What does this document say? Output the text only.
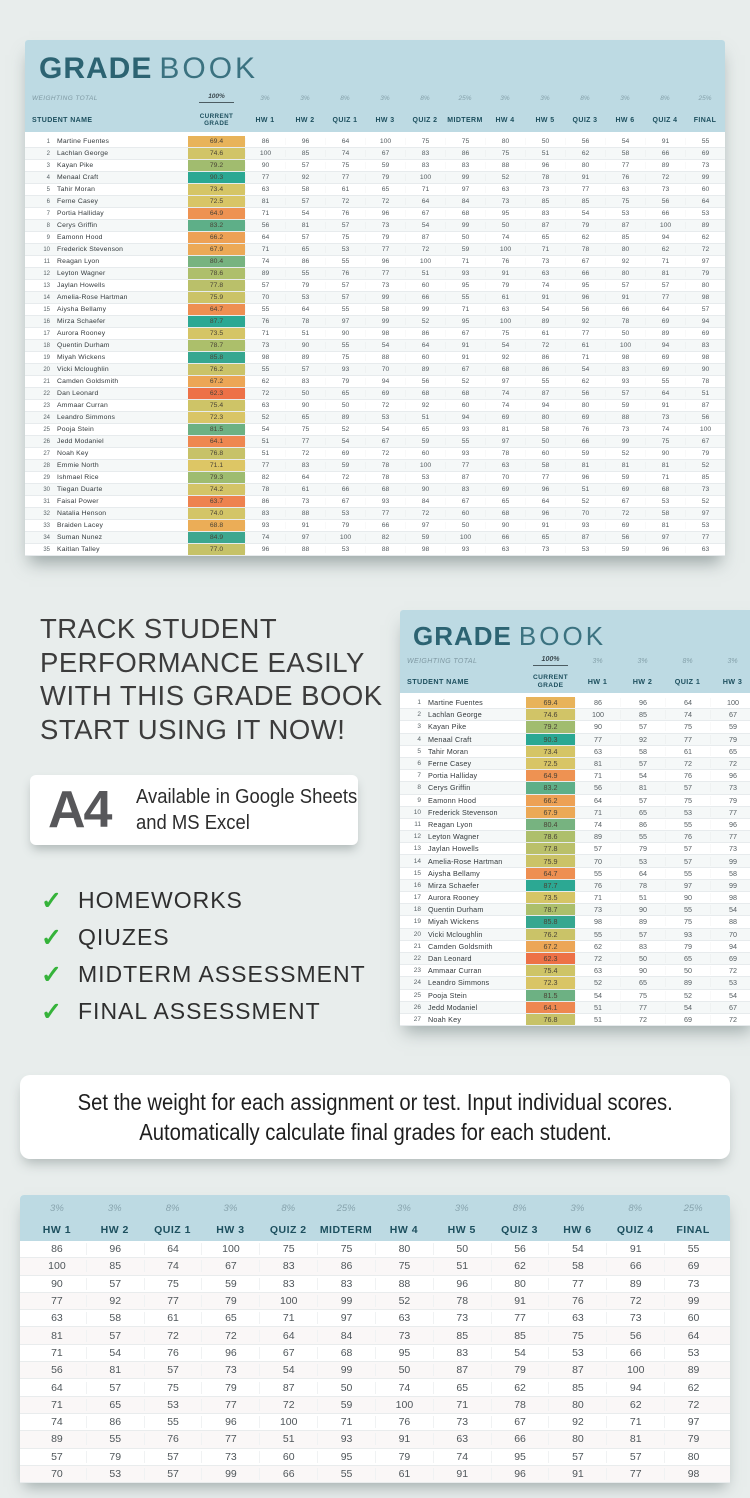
GRADE BOOK
WEIGHTING TOTAL	100%	3%	3%	8%	3%	8%	25%	3%	3%	8%	3%	8%	25%
STUDENT NAME	CURRENT
GRADE	HW 1	HW 2	QUIZ 1	HW 3	QUIZ 2	MIDTERM	HW 4	HW 5	QUIZ 3	HW 6	QUIZ 4	FINAL
1	Martine Fuentes	69.4	86	96	64	100	75	75	80	50	56	54	91	55
2	Lachlan George	74.6	100	85	74	67	83	86	75	51	62	58	66	69
3	Kayan Pike	79.2	90	57	75	59	83	83	88	96	80	77	89	73
4	Menaal Craft	90.3	77	92	77	79	100	99	52	78	91	76	72	99
5	Tahir Moran	73.4	63	58	61	65	71	97	63	73	77	63	73	60
6	Ferne Casey	72.5	81	57	72	72	64	84	73	85	85	75	56	64
7	Portia Halliday	64.9	71	54	76	96	67	68	95	83	54	53	66	53
8	Cerys Griffin	83.2	56	81	57	73	54	99	50	87	79	87	100	89
9	Eamonn Hood	66.2	64	57	75	79	87	50	74	65	62	85	94	62
10	Frederick Stevenson	67.9	71	65	53	77	72	59	100	71	78	80	62	72
11	Reagan Lyon	80.4	74	86	55	96	100	71	76	73	67	92	71	97
12	Leyton Wagner	78.6	89	55	76	77	51	93	91	63	66	80	81	79
13	Jaylan Howells	77.8	57	79	57	73	60	95	79	74	95	57	57	80
14	Amelia-Rose Hartman	75.9	70	53	57	99	66	55	61	91	96	91	77	98
15	Aiysha Bellamy	64.7	55	64	55	58	99	71	63	54	56	66	64	57
16	Mirza Schaefer	87.7	76	78	97	99	52	95	100	89	92	78	69	94
17	Aurora Rooney	73.5	71	51	90	98	86	67	75	61	77	50	89	69
18	Quentin Durham	78.7	73	90	55	54	64	91	54	72	61	100	94	83
19	Miyah Wickens	85.8	98	89	75	88	60	91	92	86	71	98	69	98
20	Vicki Mcloughlin	76.2	55	57	93	70	89	67	68	86	54	83	69	90
21	Camden Goldsmith	67.2	62	83	79	94	56	52	97	55	62	93	55	78
22	Dan Leonard	62.3	72	50	65	69	68	68	74	87	56	57	64	51
23	Ammaar Curran	75.4	63	90	50	72	92	60	74	94	80	59	91	87
24	Leandro Simmons	72.3	52	65	89	53	51	94	69	80	69	88	73	56
25	Pooja Stein	81.5	54	75	52	54	65	93	81	58	76	73	74	100
26	Jedd Modaniel	64.1	51	77	54	67	59	55	97	50	66	99	75	67
27	Noah Key	76.8	51	72	69	72	60	93	78	60	59	52	90	79
28	Emmie North	71.1	77	83	59	78	100	77	63	58	81	81	81	52
29	Ishmael Rice	79.3	82	64	72	78	53	87	70	77	96	59	71	85
30	Tiegan Duarte	74.2	78	61	66	68	90	83	69	96	51	69	68	73
31	Faisal Power	63.7	86	73	67	93	84	67	65	64	52	67	53	52
32	Natalia Henson	74.0	83	88	53	77	72	60	68	96	70	72	58	97
33	Braiden Lacey	68.8	93	91	79	66	97	50	90	91	93	69	81	53
34	Suman Nunez	84.9	74	97	100	82	59	100	66	65	87	56	97	77
35	Kaitlan Talley	77.0	96	88	53	88	98	93	63	73	53	59	96	63
TRACK STUDENT
PERFORMANCE EASILY
WITH THIS GRADE BOOK
START USING IT NOW!
A4 Available in Google Sheets
and MS Excel
✓ HOMEWORKS
✓ QIUZES
✓ MIDTERM ASSESSMENT
✓ FINAL ASSESSMENT
GRADE BOOK
WEIGHTING TOTAL	100%	3%	3%	8%	3%
STUDENT NAME	CURRENT
GRADE	HW 1	HW 2	QUIZ 1	HW 3
1 Martine Fuentes	69.4	86	96	64	100
2 Lachlan George	74.6	100	85	74	67
3 Kayan Pike	79.2	90	57	75	59
4 Menaal Craft	90.3	77	92	77	79
5 Tahir Moran	73.4	63	58	61	65
6 Ferne Casey	72.5	81	57	72	72
7 Portia Halliday	64.9	71	54	76	96
8 Cerys Griffin	83.2	56	81	57	73
9 Eamonn Hood	66.2	64	57	75	79
10 Frederick Stevenson	67.9	71	65	53	77
11 Reagan Lyon	80.4	74	86	55	96
12 Leyton Wagner	78.6	89	55	76	77
13 Jaylan Howells	77.8	57	79	57	73
14 Amelia-Rose Hartman	75.9	70	53	57	99
15 Aiysha Bellamy	64.7	55	64	55	58
16 Mirza Schaefer	87.7	76	78	97	99
17 Aurora Rooney	73.5	71	51	90	98
18 Quentin Durham	78.7	73	90	55	54
19 Miyah Wickens	85.8	98	89	75	88
20 Vicki Mcloughlin	76.2	55	57	93	70
21 Camden Goldsmith	67.2	62	83	79	94
22 Dan Leonard	62.3	72	50	65	69
23 Ammaar Curran	75.4	63	90	50	72
24 Leandro Simmons	72.3	52	65	89	53
25 Pooja Stein	81.5	54	75	52	54
26 Jedd Modaniel	64.1	51	77	54	67
27 Noah Key	76.8	51	72	69	72
Set the weight for each assignment or test. Input individual scores.
Automatically calculate final grades for each student.
3%	3%	8%	3%	8%	25%	3%	3%	8%	3%	8%	25%
HW 1	HW 2	QUIZ 1	HW 3	QUIZ 2	MIDTERM	HW 4	HW 5	QUIZ 3	HW 6	QUIZ 4	FINAL
86	96	64	100	75	75	80	50	56	54	91	55
100	85	74	67	83	86	75	51	62	58	66	69
90	57	75	59	83	83	88	96	80	77	89	73
77	92	77	79	100	99	52	78	91	76	72	99
63	58	61	65	71	97	63	73	77	63	73	60
81	57	72	72	64	84	73	85	85	75	56	64
71	54	76	96	67	68	95	83	54	53	66	53
56	81	57	73	54	99	50	87	79	87	100	89
64	57	75	79	87	50	74	65	62	85	94	62
71	65	53	77	72	59	100	71	78	80	62	72
74	86	55	96	100	71	76	73	67	92	71	97
89	55	76	77	51	93	91	63	66	80	81	79
57	79	57	73	60	95	79	74	95	57	57	80
70	53	57	99	66	55	61	91	96	91	77	98
